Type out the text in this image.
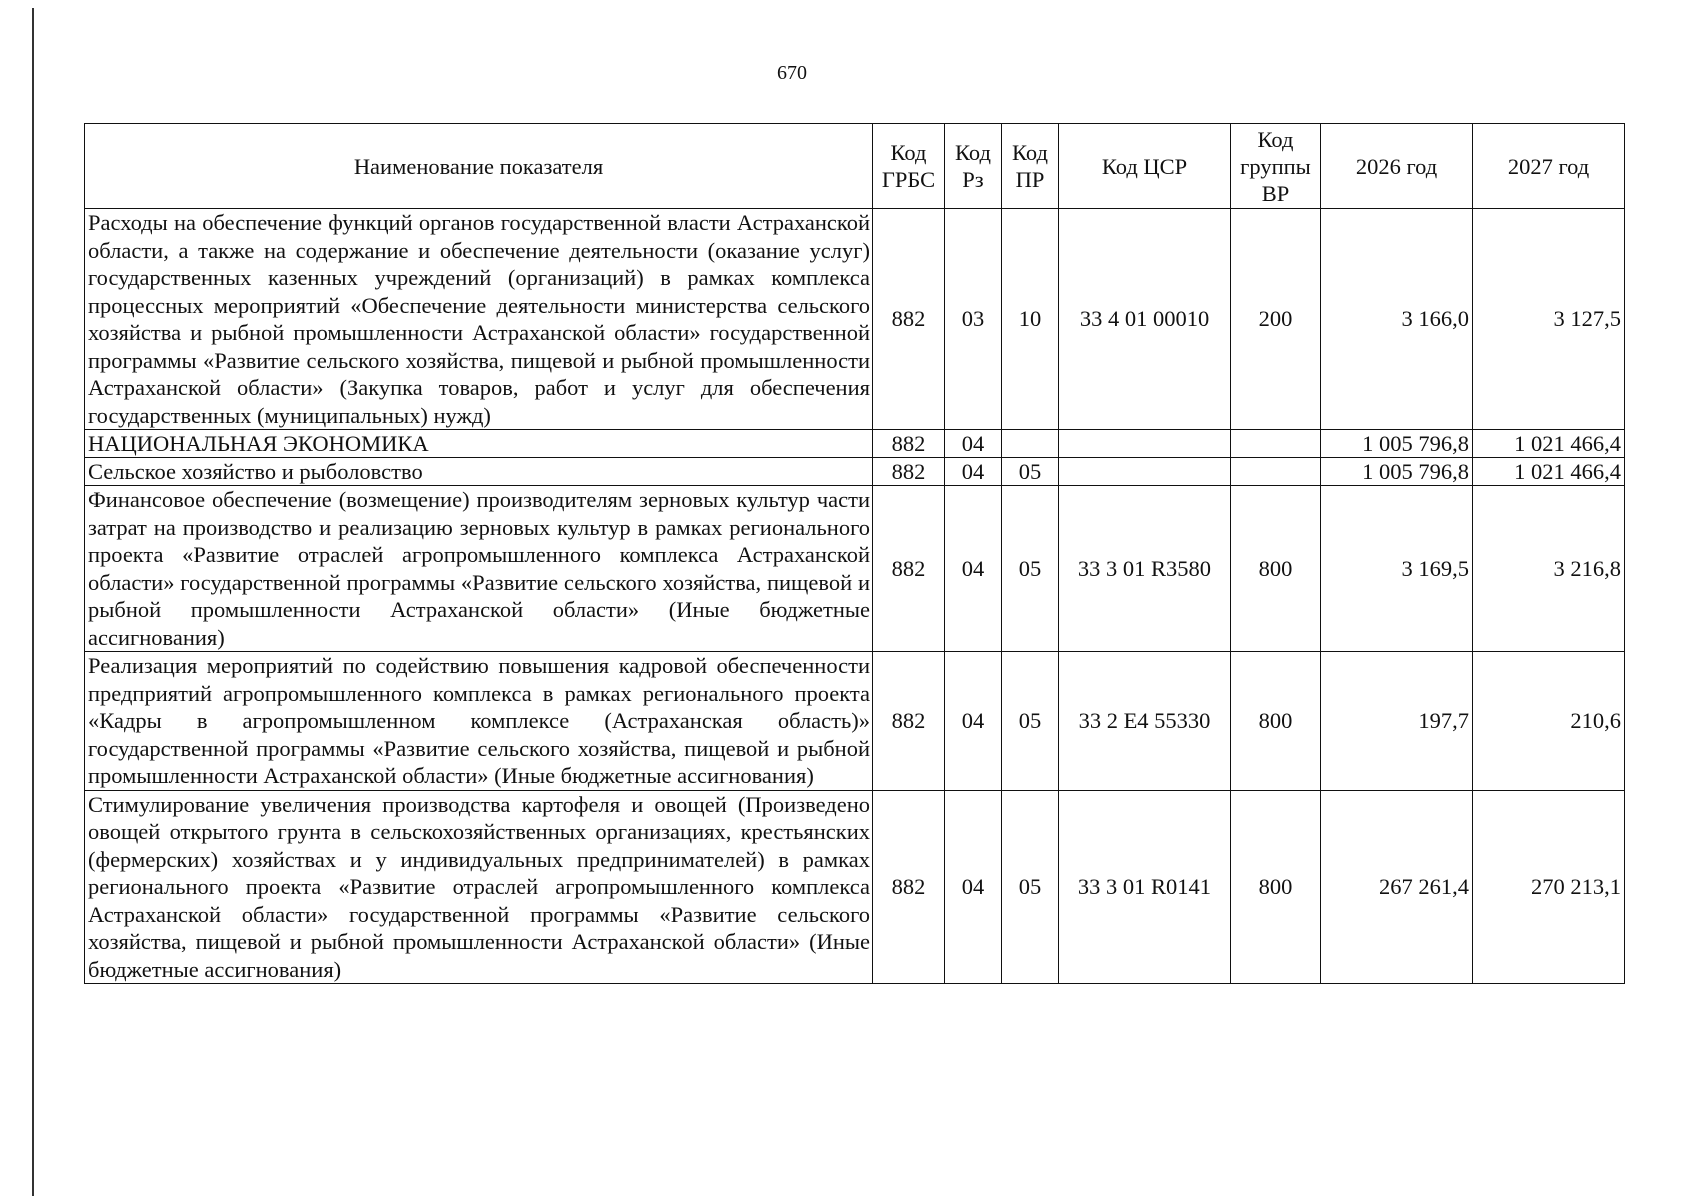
670
Наименование показателя	Код ГРБС	Код Рз	Код ПР	Код ЦСР	Код группы ВР	2026 год	2027 год
Расходы на обеспечение функций органов государственной власти Астраханской области, а также на содержание и обеспечение деятельности (оказание услуг) государственных казенных учреждений (организаций) в рамках комплекса процессных мероприятий «Обеспечение деятельности министерства сельского хозяйства и рыбной промышленности Астраханской области» государственной программы «Развитие сельского хозяйства, пищевой и рыбной промышленности Астраханской области» (Закупка товаров, работ и услуг для обеспечения государственных (муниципальных) нужд)	882	03	10	33 4 01 00010	200	3 166,0	3 127,5
НАЦИОНАЛЬНАЯ ЭКОНОМИКА	882	04				1 005 796,8	1 021 466,4
Сельское хозяйство и рыболовство	882	04	05			1 005 796,8	1 021 466,4
Финансовое обеспечение (возмещение) производителям зерновых культур части затрат на производство и реализацию зерновых культур в рамках регионального проекта «Развитие отраслей агропромышленного комплекса Астраханской области» государственной программы «Развитие сельского хозяйства, пищевой и рыбной промышленности Астраханской области» (Иные бюджетные ассигнования)	882	04	05	33 3 01 R3580	800	3 169,5	3 216,8
Реализация мероприятий по содействию повышения кадровой обеспеченности предприятий агропромышленного комплекса в рамках регионального проекта «Кадры в агропромышленном комплексе (Астраханская область)» государственной программы «Развитие сельского хозяйства, пищевой и рыбной промышленности Астраханской области» (Иные бюджетные ассигнования)	882	04	05	33 2 Е4 55330	800	197,7	210,6
Стимулирование увеличения производства картофеля и овощей (Произведено овощей открытого грунта в сельскохозяйственных организациях, крестьянских (фермерских) хозяйствах и у индивидуальных предпринимателей) в рамках регионального проекта «Развитие отраслей агропромышленного комплекса Астраханской области» государственной программы «Развитие сельского хозяйства, пищевой и рыбной промышленности Астраханской области» (Иные бюджетные ассигнования)	882	04	05	33 3 01 R0141	800	267 261,4	270 213,1
